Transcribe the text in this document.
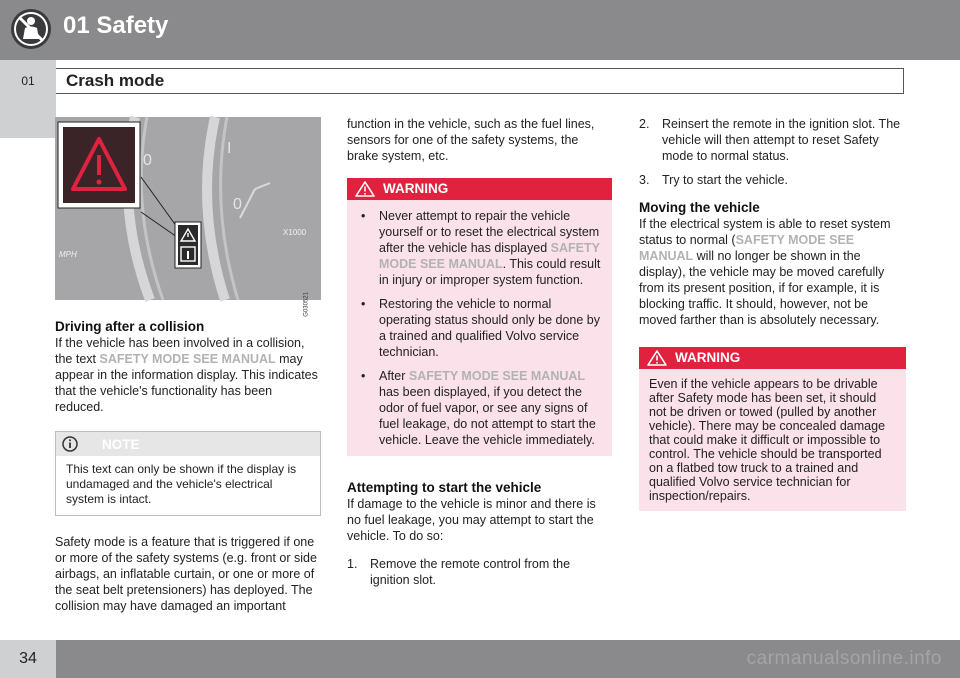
01 Safety
01	Crash mode
0
I
0
X1000
MPH
G030521
Driving after a collision

If the vehicle has been involved in a collision, the text SAFETY MODE SEE MANUAL may appear in the information display. This indicates that the vehicle's functionality has been reduced.

NOTE
This text can only be shown if the display is undamaged and the vehicle's electrical system is intact.

Safety mode is a feature that is triggered if one or more of the safety systems (e.g. front or side airbags, an inflatable curtain, or one or more of the seat belt pretensioners) has deployed. The collision may have damaged an important

function in the vehicle, such as the fuel lines, sensors for one of the safety systems, the brake system, etc.

WARNING
• Never attempt to repair the vehicle yourself or to reset the electrical system after the vehicle has displayed SAFETY MODE SEE MANUAL. This could result in injury or improper system function.
• Restoring the vehicle to normal operating status should only be done by a trained and qualified Volvo service technician.
• After SAFETY MODE SEE MANUAL has been displayed, if you detect the odor of fuel vapor, or see any signs of fuel leakage, do not attempt to start the vehicle. Leave the vehicle immediately.
Attempting to start the vehicle

If damage to the vehicle is minor and there is no fuel leakage, you may attempt to start the vehicle. To do so:

1. Remove the remote control from the ignition slot.
2. Reinsert the remote in the ignition slot. The vehicle will then attempt to reset Safety mode to normal status.
3. Try to start the vehicle.
Moving the vehicle

If the electrical system is able to reset system status to normal (SAFETY MODE SEE MANUAL will no longer be shown in the display), the vehicle may be moved carefully from its present position, if for example, it is blocking traffic. It should, however, not be moved farther than is absolutely necessary.

WARNING
Even if the vehicle appears to be drivable after Safety mode has been set, it should not be driven or towed (pulled by another vehicle). There may be concealed damage that could make it difficult or impossible to control. The vehicle should be transported on a flatbed tow truck to a trained and qualified Volvo service technician for inspection/repairs.
34	carmanualsonline.info
